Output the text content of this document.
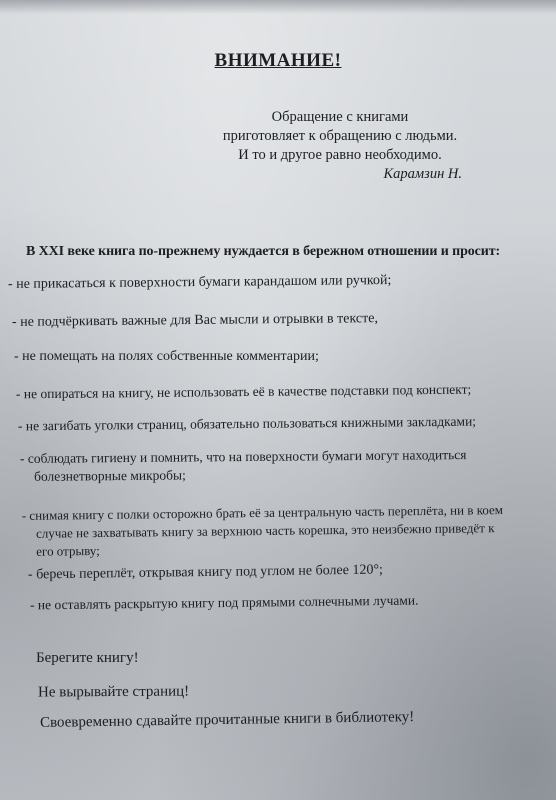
ВНИМАНИЕ!
Обращение с книгами
приготовляет к обращению с людьми.
И то и другое равно необходимо.
Карамзин Н.
В XXI веке книга по-прежнему нуждается в бережном отношении и просит:
- не прикасаться к поверхности бумаги карандашом или ручкой;
- не подчёркивать важные для Вас мысли и отрывки в тексте,
- не помещать на полях собственные комментарии;
- не опираться на книгу, не использовать её в качестве подставки под конспект;
- не загибать уголки страниц, обязательно пользоваться книжными закладками;
- соблюдать гигиену и помнить, что на поверхности бумаги могут находиться
болезнетворные микробы;
- снимая книгу с полки осторожно брать её за центральную часть переплёта, ни в коем
случае не захватывать книгу за верхнюю часть корешка, это неизбежно приведёт к
его отрыву;
- беречь переплёт, открывая книгу под углом не более 120°;
- не оставлять раскрытую книгу под прямыми солнечными лучами.
Берегите книгу!
Не вырывайте страниц!
Своевременно сдавайте прочитанные книги в библиотеку!
